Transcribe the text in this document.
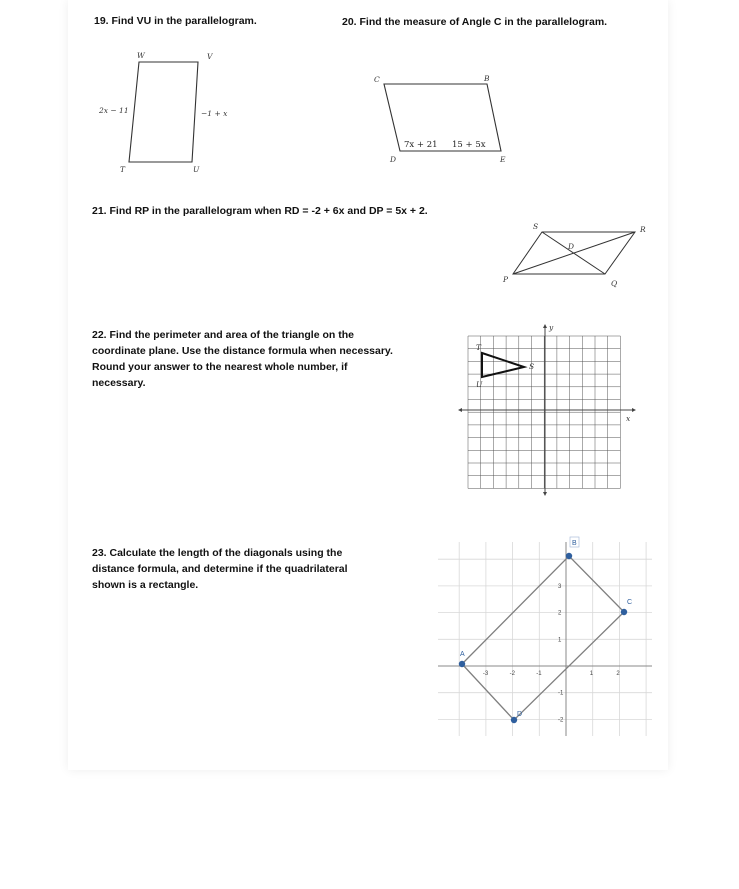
19. Find VU in the parallelogram.	20. Find the measure of Angle C in the parallelogram.
21. Find RP in the parallelogram when RD = -2 + 6x and DP = 5x + 2.
22. Find the perimeter and area of the triangle on the
coordinate plane. Use the distance formula when necessary.
Round your answer to the nearest whole number, if
necessary.
23. Calculate the length of the diagonals using the
distance formula, and determine if the quadrilateral
shown is a rectangle.
W	V
T	U
2x − 11	−1 + x
C	B
D	E
7x + 21 15 + 5x
S	R
P	Q
D
T
S
U
x
y
-3	-2	-1	1	2
3
2
1
-1
-2
B
A
C
D
